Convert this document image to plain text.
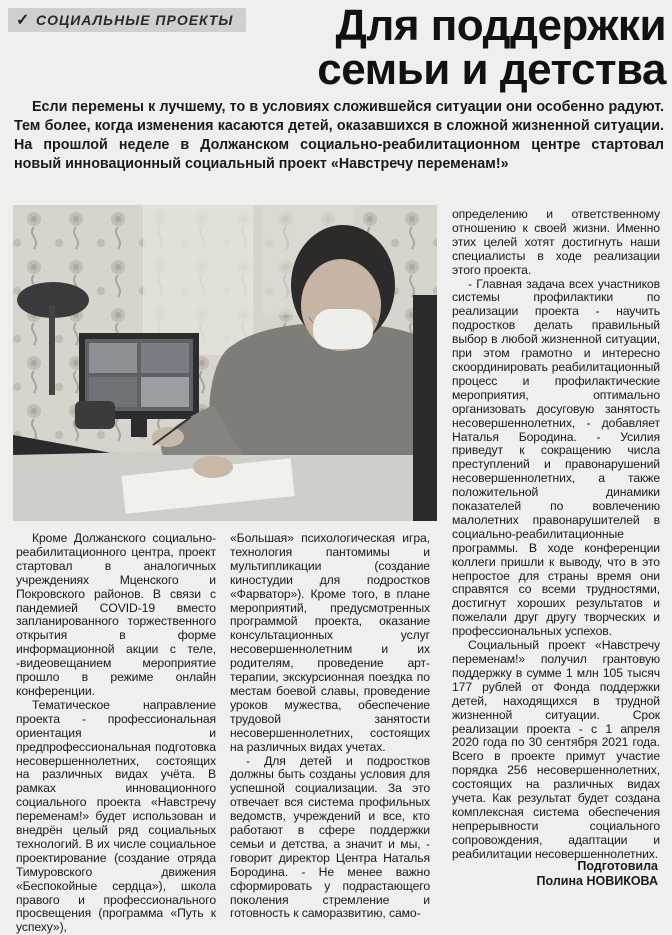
✓ СОЦИАЛЬНЫЕ ПРОЕКТЫ	Для поддержки
семьи и детства
Если перемены к лучшему, то в условиях сложившейся ситуации они особенно радуют. Тем более, когда изменения касаются детей, оказавшихся в сложной жизненной ситуации. На прошлой неделе в Должанском социально-реабилитационном центре стартовал новый инновационный социальный проект «Навстречу переменам!»

Кроме Должанского социально-реабилитационного центра, проект стартовал в аналогичных учреждениях Мценского и Покровского районов. В связи с пандемией COVID-19 вместо запланированного торжественного открытия в форме информационной акции с теле, -видеовещанием мероприятие прошло в режиме онлайн конференции.

Тематическое направление проекта - профессиональная ориентация и предпрофессиональная подготовка несовершеннолетних, состоящих на различных видах учёта. В рамках инновационного социального проекта «Навстречу переменам!» будет использован и внедрён целый ряд социальных технологий. В их числе социальное проектирование (создание отряда Тимуровского движения «Беспокойные сердца»), школа правого и профессионального просвещения (программа «Путь к успеху»),

«Большая» психологическая игра, технология пантомимы и мультипликации (создание киностудии для подростков «Фарватор»). Кроме того, в плане мероприятий, предусмотренных программой проекта, оказание консультационных услуг несовершеннолетним и их родителям, проведение арт-терапии, экскурсионная поездка по местам боевой славы, проведение уроков мужества, обеспечение трудовой занятости несовершеннолетних, состоящих на различных видах учетах.

- Для детей и подростков должны быть созданы условия для успешной социализации. За это отвечает вся система профильных ведомств, учреждений и все, кто работают в сфере поддержки семьи и детства, а значит и мы, - говорит директор Центра Наталья Бородина. - Не менее важно сформировать у подрастающего поколения стремление и готовность к саморазвитию, само-

определению и ответственному отношению к своей жизни. Именно этих целей хотят достигнуть наши специалисты в ходе реализации этого проекта.

- Главная задача всех участников системы профилактики по реализации проекта - научить подростков делать правильный выбор в любой жизненной ситуации, при этом грамотно и интересно скоординировать реабилитационный процесс и профилактические мероприятия, оптимально организовать досуговую занятость несовершеннолетних, - добавляет Наталья Бородина. - Усилия приведут к сокращению числа преступлений и правонарушений несовершеннолетних, а также положительной динамики показателей по вовлечению малолетних правонарушителей в социально-реабилитационные программы. В ходе конференции коллеги пришли к выводу, что в это непростое для страны время они справятся со всеми трудностями, достигнут хороших результатов и пожелали друг другу творческих и профессиональных успехов.

Социальный проект «Навстречу переменам!» получил грантовую поддержку в сумме 1 млн 105 тысяч 177 рублей от Фонда поддержки детей, находящихся в трудной жизненной ситуации. Срок реализации проекта - с 1 апреля 2020 года по 30 сентября 2021 года. Всего в проекте примут участие порядка 256 несовершеннолетних, состоящих на различных видах учета. Как результат будет создана комплексная система обеспечения непрерывности социального сопровождения, адаптации и реабилитации несовершеннолетних.

Подготовила
Полина НОВИКОВА
